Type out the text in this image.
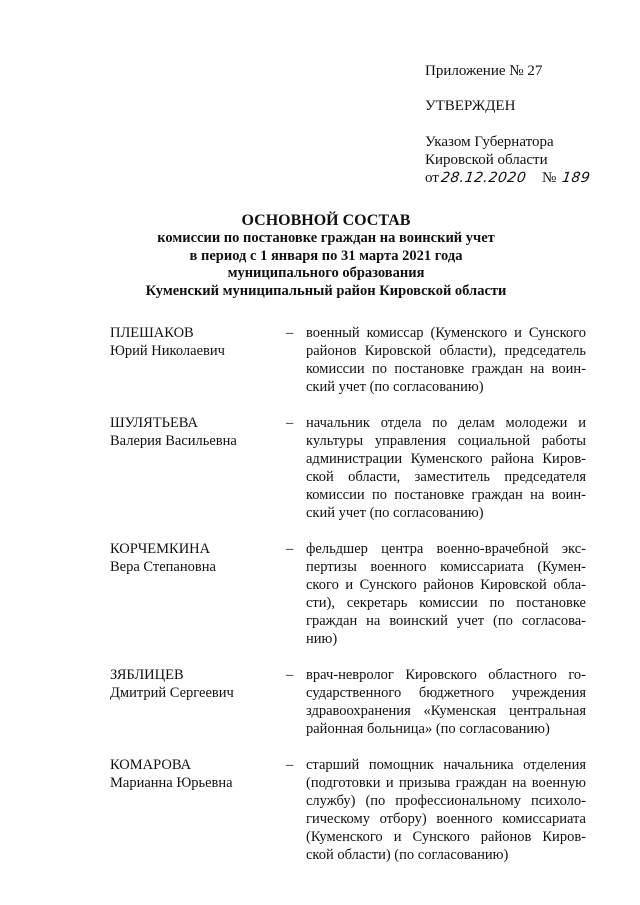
Приложение № 27
УТВЕРЖДЕН
Указом Губернатора
Кировской области
от28.12.2020 № 189
ОСНОВНОЙ СОСТАВ
комиссии по постановке граждан на воинский учет
в период с 1 января по 31 марта 2021 года
муниципального образования
Куменский муниципальный район Кировской области
ПЛЕШАКОВ
Юрий Николаевич
– военный комиссар (Куменского и Сунского
районов Кировской области), председатель
комиссии по постановке граждан на воин-
ский учет (по согласованию)
ШУЛЯТЬЕВА
Валерия Васильевна
– начальник отдела по делам молодежи и
культуры управления социальной работы
администрации Куменского района Киров-
ской области, заместитель председателя
комиссии по постановке граждан на воин-
ский учет (по согласованию)
КОРЧЕМКИНА
Вера Степановна
– фельдшер центра военно-врачебной экс-
пертизы военного комиссариата (Кумен-
ского и Сунского районов Кировской обла-
сти), секретарь комиссии по постановке
граждан на воинский учет (по согласова-
нию)
ЗЯБЛИЦЕВ
Дмитрий Сергеевич
– врач-невролог Кировского областного го-
сударственного бюджетного учреждения
здравоохранения «Куменская центральная
районная больница» (по согласованию)
КОМАРОВА
Марианна Юрьевна
– старший помощник начальника отделения
(подготовки и призыва граждан на военную
службу) (по профессиональному психоло-
гическому отбору) военного комиссариата
(Куменского и Сунского районов Киров-
ской области) (по согласованию)
